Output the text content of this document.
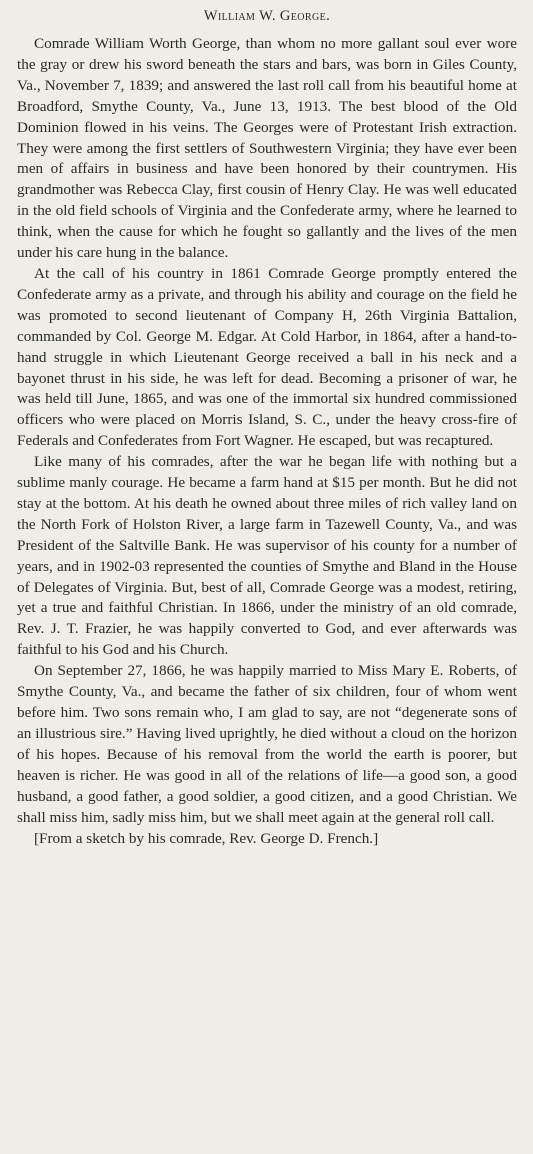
William W. George.

Comrade William Worth George, than whom no more gallant soul ever wore the gray or drew his sword beneath the stars and bars, was born in Giles County, Va., November 7, 1839; and answered the last roll call from his beautiful home at Broadford, Smythe County, Va., June 13, 1913. The best blood of the Old Dominion flowed in his veins. The Georges were of Protestant Irish extraction. They were among the first settlers of Southwestern Virginia; they have ever been men of affairs in business and have been honored by their countrymen. His grandmother was Rebecca Clay, first cousin of Henry Clay. He was well educated in the old field schools of Virginia and the Confederate army, where he learned to think, when the cause for which he fought so gallantly and the lives of the men under his care hung in the balance.

At the call of his country in 1861 Comrade George promptly entered the Confederate army as a private, and through his ability and courage on the field he was promoted to second lieutenant of Company H, 26th Virginia Battalion, commanded by Col. George M. Edgar. At Cold Harbor, in 1864, after a hand-to-hand struggle in which Lieutenant George received a ball in his neck and a bayonet thrust in his side, he was left for dead. Becoming a prisoner of war, he was held till June, 1865, and was one of the immortal six hundred commissioned officers who were placed on Morris Island, S. C., under the heavy cross-fire of Federals and Confederates from Fort Wagner. He escaped, but was recaptured.

Like many of his comrades, after the war he began life with nothing but a sublime manly courage. He became a farm hand at $15 per month. But he did not stay at the bottom. At his death he owned about three miles of rich valley land on the North Fork of Holston River, a large farm in Tazewell County, Va., and was President of the Saltville Bank. He was supervisor of his county for a number of years, and in 1902-03 represented the counties of Smythe and Bland in the House of Delegates of Virginia. But, best of all, Comrade George was a modest, retiring, yet a true and faithful Christian. In 1866, under the ministry of an old comrade, Rev. J. T. Frazier, he was happily converted to God, and ever afterwards was faithful to his God and his Church.

On September 27, 1866, he was happily married to Miss Mary E. Roberts, of Smythe County, Va., and became the father of six children, four of whom went before him. Two sons remain who, I am glad to say, are not “degenerate sons of an illustrious sire.” Having lived uprightly, he died without a cloud on the horizon of his hopes. Because of his removal from the world the earth is poorer, but heaven is richer. He was good in all of the relations of life—a good son, a good husband, a good father, a good soldier, a good citizen, and a good Christian. We shall miss him, sadly miss him, but we shall meet again at the general roll call.

[From a sketch by his comrade, Rev. George D. French.]
